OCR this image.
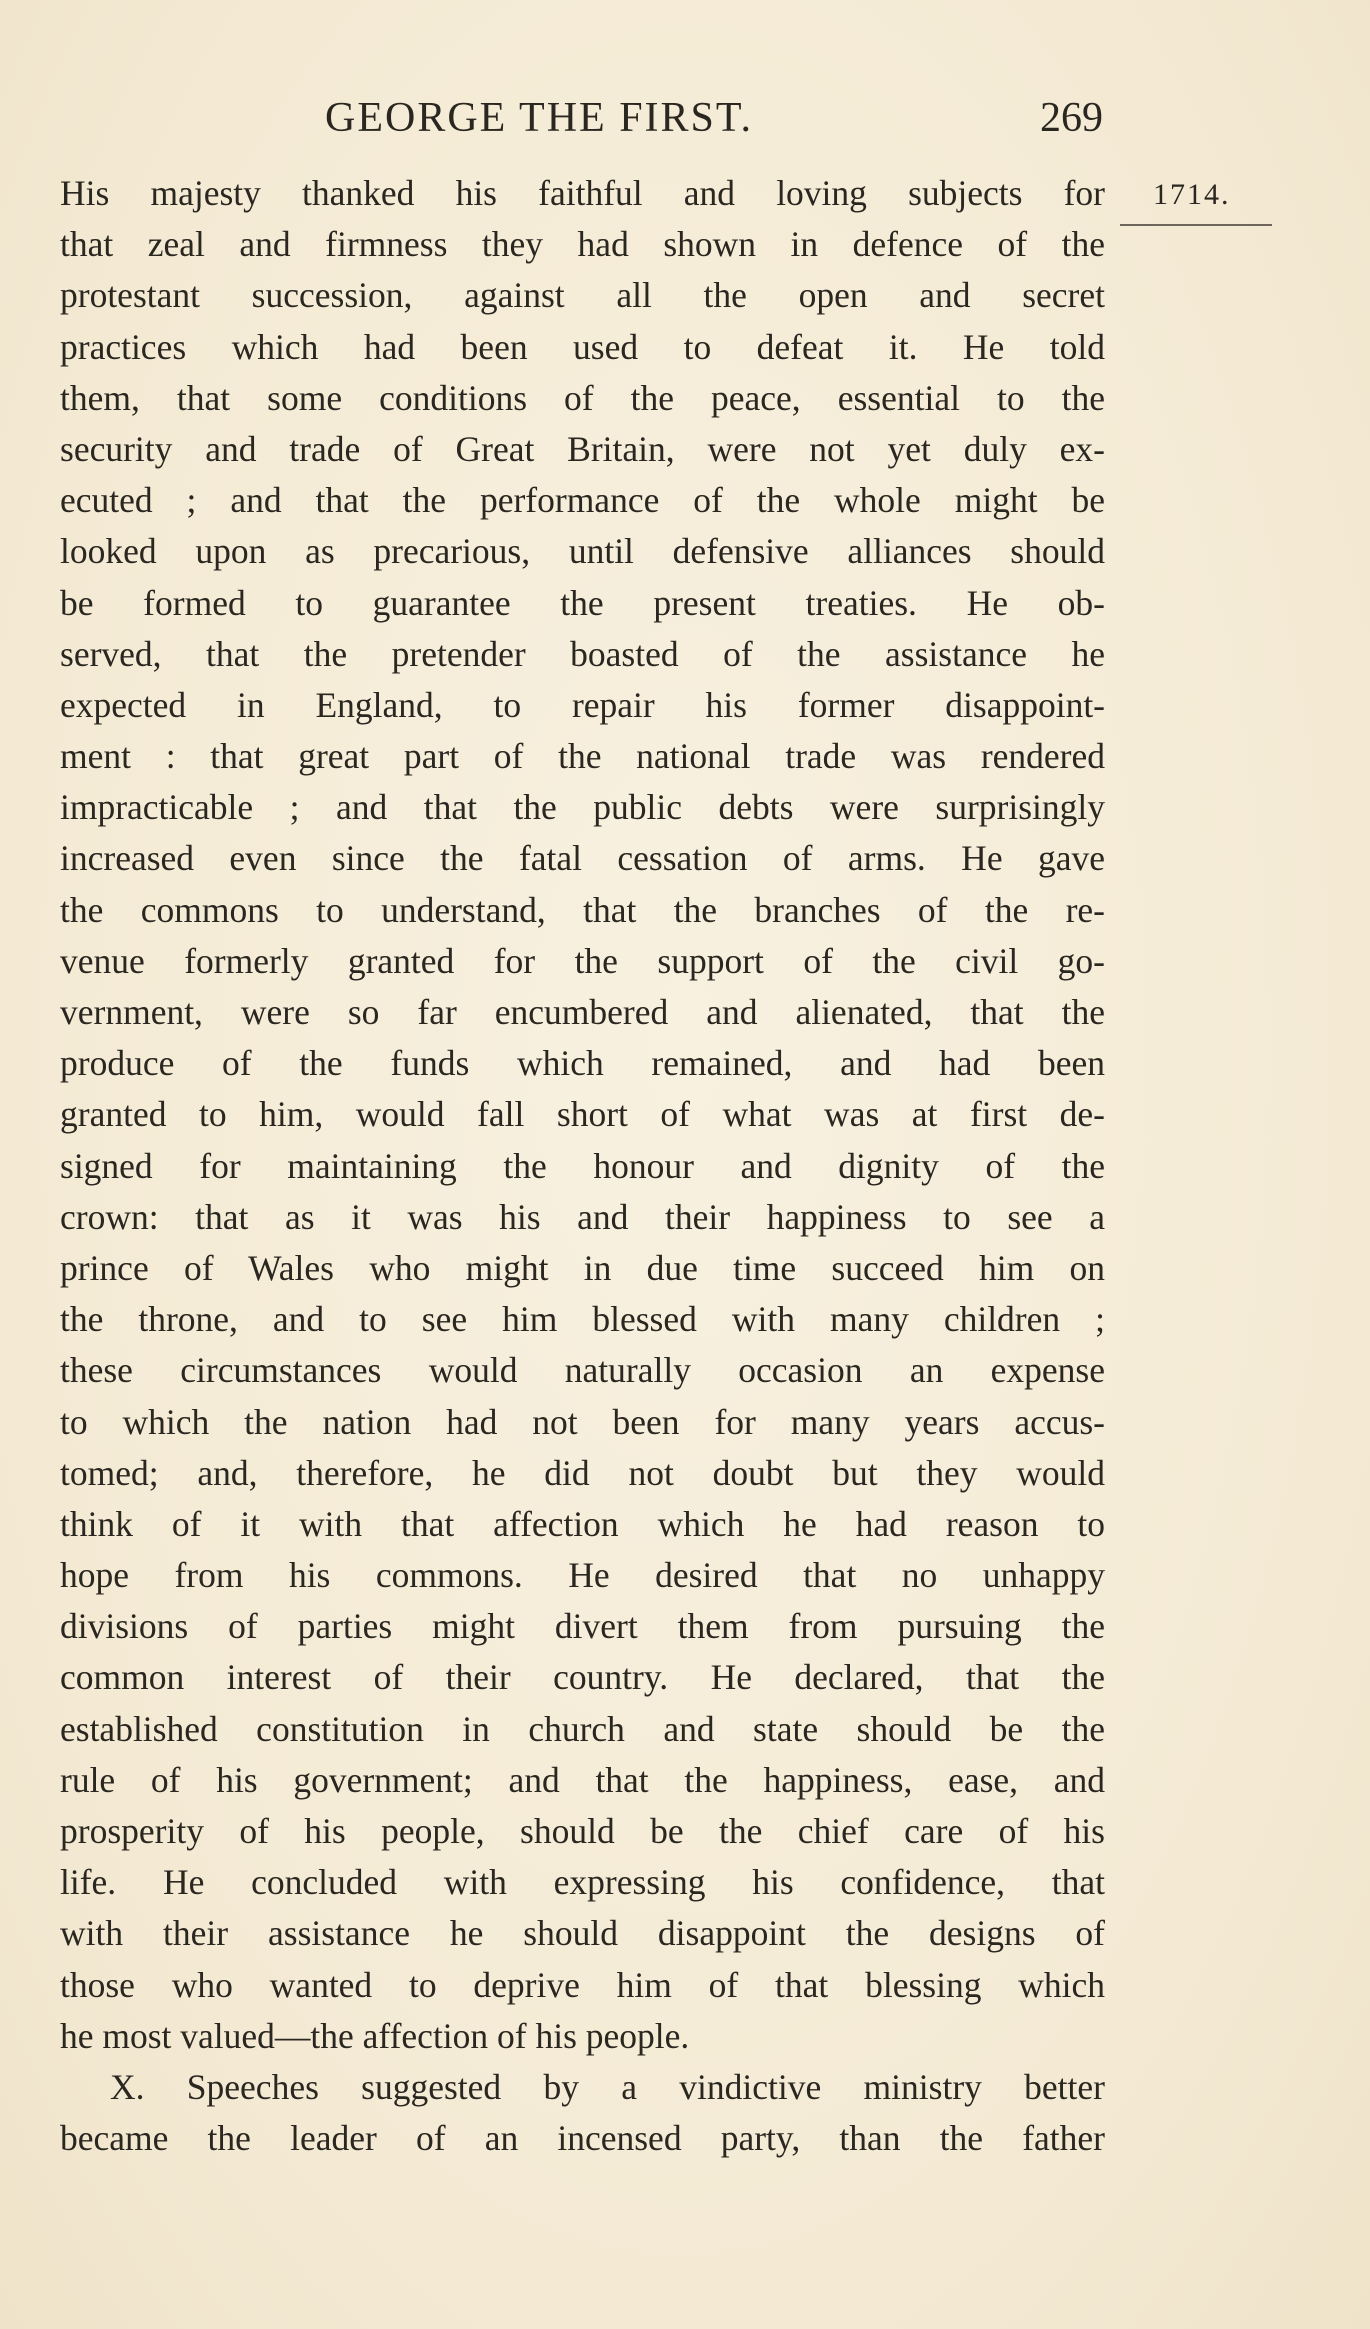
GEORGE THE FIRST.	269
1714.
His majesty thanked his faithful and loving subjects for
that zeal and firmness they had shown in defence of the
protestant succession, against all the open and secret
practices which had been used to defeat it. He told
them, that some conditions of the peace, essential to the
security and trade of Great Britain, were not yet duly ex-
ecuted ; and that the performance of the whole might be
looked upon as precarious, until defensive alliances should
be formed to guarantee the present treaties. He ob-
served, that the pretender boasted of the assistance he
expected in England, to repair his former disappoint-
ment : that great part of the national trade was rendered
impracticable ; and that the public debts were surprisingly
increased even since the fatal cessation of arms. He gave
the commons to understand, that the branches of the re-
venue formerly granted for the support of the civil go-
vernment, were so far encumbered and alienated, that the
produce of the funds which remained, and had been
granted to him, would fall short of what was at first de-
signed for maintaining the honour and dignity of the
crown: that as it was his and their happiness to see a
prince of Wales who might in due time succeed him on
the throne, and to see him blessed with many children ;
these circumstances would naturally occasion an expense
to which the nation had not been for many years accus-
tomed; and, therefore, he did not doubt but they would
think of it with that affection which he had reason to
hope from his commons. He desired that no unhappy
divisions of parties might divert them from pursuing the
common interest of their country. He declared, that the
established constitution in church and state should be the
rule of his government; and that the happiness, ease, and
prosperity of his people, should be the chief care of his
life. He concluded with expressing his confidence, that
with their assistance he should disappoint the designs of
those who wanted to deprive him of that blessing which
he most valued—the affection of his people.
X. Speeches suggested by a vindictive ministry better
became the leader of an incensed party, than the father
